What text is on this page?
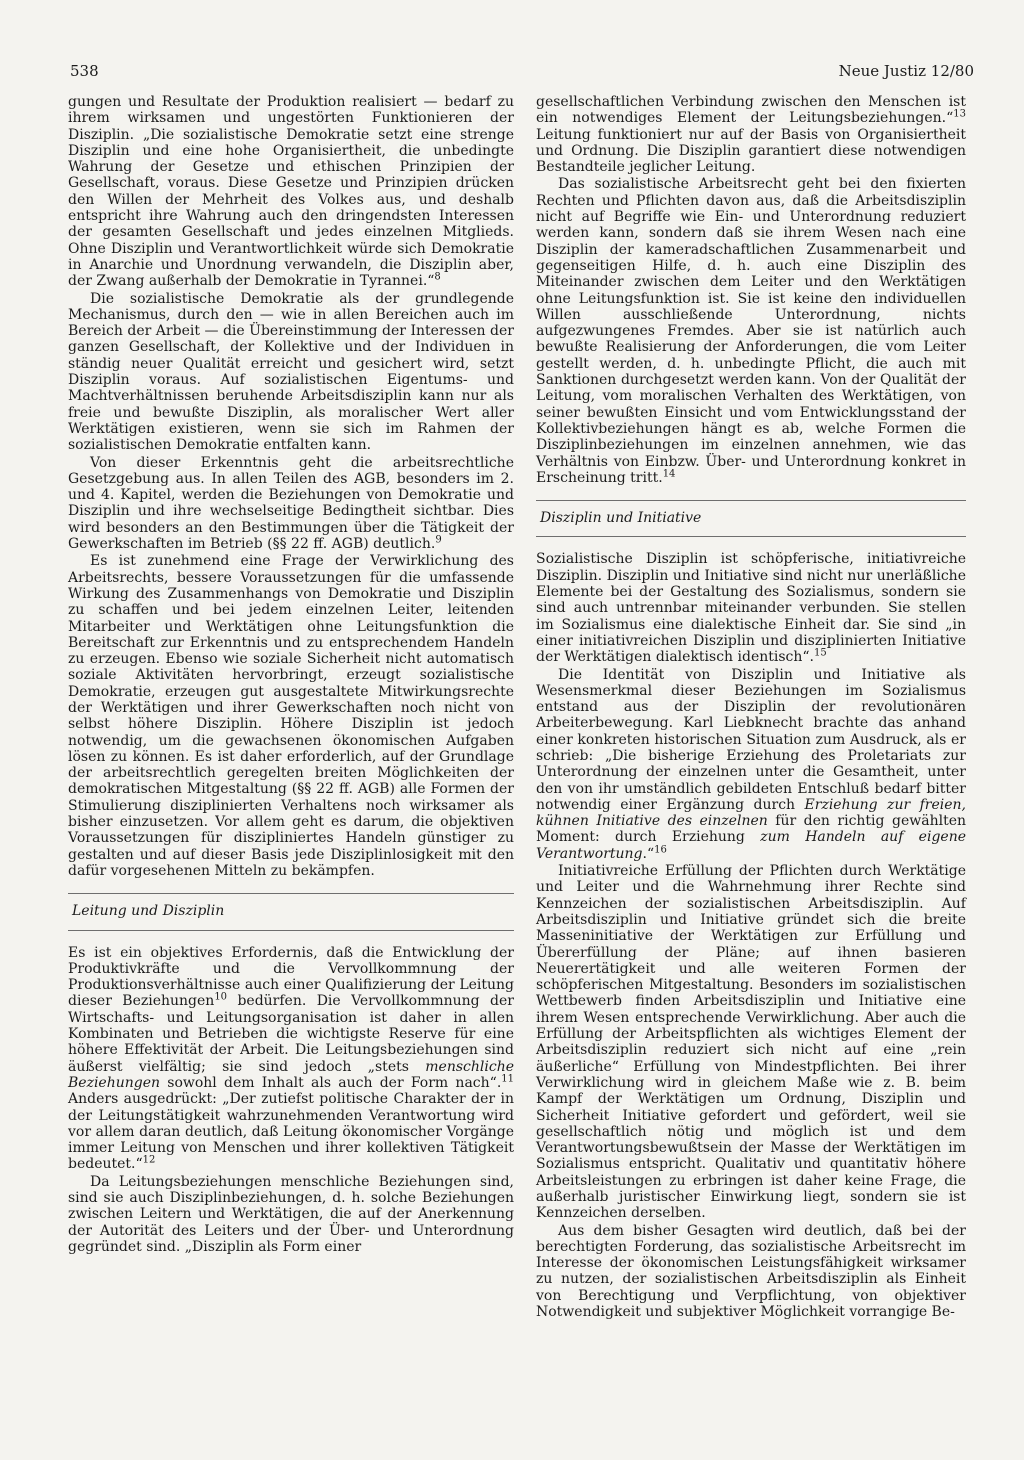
538	Neue Justiz 12/80

gungen und Resultate der Produktion realisiert — bedarf zu ihrem wirksamen und ungestörten Funktionieren der Disziplin. „Die sozialistische Demokratie setzt eine strenge Disziplin und eine hohe Organisiertheit, die unbedingte Wahrung der Gesetze und ethischen Prinzipien der Gesellschaft, voraus. Diese Gesetze und Prinzipien drücken den Willen der Mehrheit des Volkes aus, und deshalb entspricht ihre Wahrung auch den dringendsten Interessen der gesamten Gesellschaft und jedes einzelnen Mitglieds. Ohne Disziplin und Verantwortlichkeit würde sich Demokratie in Anarchie und Unordnung verwandeln, die Disziplin aber, der Zwang außerhalb der Demokratie in Tyrannei.“$^8$

Die sozialistische Demokratie als der grundlegende Mechanismus, durch den — wie in allen Bereichen auch im Bereich der Arbeit — die Übereinstimmung der Interessen der ganzen Gesellschaft, der Kollektive und der Individuen in ständig neuer Qualität erreicht und gesichert wird, setzt Disziplin voraus. Auf sozialistischen Eigentums- und Machtverhältnissen beruhende Arbeitsdisziplin kann nur als freie und bewußte Disziplin, als moralischer Wert aller Werktätigen existieren, wenn sie sich im Rahmen der sozialistischen Demokratie entfalten kann.

Von dieser Erkenntnis geht die arbeitsrechtliche Gesetzgebung aus. In allen Teilen des AGB, besonders im 2. und 4. Kapitel, werden die Beziehungen von Demokratie und Disziplin und ihre wechselseitige Bedingtheit sichtbar. Dies wird besonders an den Bestimmungen über die Tätigkeit der Gewerkschaften im Betrieb (§§ 22 ff. AGB) deutlich.$^9$

Es ist zunehmend eine Frage der Verwirklichung des Arbeitsrechts, bessere Voraussetzungen für die umfassende Wirkung des Zusammenhangs von Demokratie und Disziplin zu schaffen und bei jedem einzelnen Leiter, leitenden Mitarbeiter und Werktätigen ohne Leitungsfunktion die Bereitschaft zur Erkenntnis und zu entsprechendem Handeln zu erzeugen. Ebenso wie soziale Sicherheit nicht automatisch soziale Aktivitäten hervorbringt, erzeugt sozialistische Demokratie, erzeugen gut ausgestaltete Mitwirkungsrechte der Werktätigen und ihrer Gewerkschaften noch nicht von selbst höhere Disziplin. Höhere Disziplin ist jedoch notwendig, um die gewachsenen ökonomischen Aufgaben lösen zu können. Es ist daher erforderlich, auf der Grundlage der arbeitsrechtlich geregelten breiten Möglichkeiten der demokratischen Mitgestaltung (§§ 22 ff. AGB) alle Formen der Stimulierung disziplinierten Verhaltens noch wirksamer als bisher einzusetzen. Vor allem geht es darum, die objektiven Voraussetzungen für diszipliniertes Handeln günstiger zu gestalten und auf dieser Basis jede Disziplinlosigkeit mit den dafür vorgesehenen Mitteln zu bekämpfen.

Leitung und Disziplin

Es ist ein objektives Erfordernis, daß die Entwicklung der Produktivkräfte und die Vervollkommnung der Produktionsverhältnisse auch einer Qualifizierung der Leitung dieser Beziehungen$^{10}$ bedürfen. Die Vervollkommnung der Wirtschafts- und Leitungsorganisation ist daher in allen Kombinaten und Betrieben die wichtigste Reserve für eine höhere Effektivität der Arbeit. Die Leitungsbeziehungen sind äußerst vielfältig; sie sind jedoch „stets menschliche Beziehungen sowohl dem Inhalt als auch der Form nach“.$^{11}$ Anders ausgedrückt: „Der zutiefst politische Charakter der in der Leitungstätigkeit wahrzunehmenden Verantwortung wird vor allem daran deutlich, daß Leitung ökonomischer Vorgänge immer Leitung von Menschen und ihrer kollektiven Tätigkeit bedeutet.“$^{12}$

Da Leitungsbeziehungen menschliche Beziehungen sind, sind sie auch Disziplinbeziehungen, d. h. solche Beziehungen zwischen Leitern und Werktätigen, die auf der Anerkennung der Autorität des Leiters und der Über- und Unterordnung gegründet sind. „Disziplin als Form einer

gesellschaftlichen Verbindung zwischen den Menschen ist ein notwendiges Element der Leitungsbeziehungen.“$^{13}$ Leitung funktioniert nur auf der Basis von Organisiertheit und Ordnung. Die Disziplin garantiert diese notwendigen Bestandteile jeglicher Leitung.

Das sozialistische Arbeitsrecht geht bei den fixierten Rechten und Pflichten davon aus, daß die Arbeitsdisziplin nicht auf Begriffe wie Ein- und Unterordnung reduziert werden kann, sondern daß sie ihrem Wesen nach eine Disziplin der kameradschaftlichen Zusammenarbeit und gegenseitigen Hilfe, d. h. auch eine Disziplin des Miteinander zwischen dem Leiter und den Werktätigen ohne Leitungsfunktion ist. Sie ist keine den individuellen Willen ausschließende Unterordnung, nichts aufgezwungenes Fremdes. Aber sie ist natürlich auch bewußte Realisierung der Anforderungen, die vom Leiter gestellt werden, d. h. unbedingte Pflicht, die auch mit Sanktionen durchgesetzt werden kann. Von der Qualität der Leitung, vom moralischen Verhalten des Werktätigen, von seiner bewußten Einsicht und vom Entwicklungsstand der Kollektivbeziehungen hängt es ab, welche Formen die Disziplinbeziehungen im einzelnen annehmen, wie das Verhältnis von Einbzw. Über- und Unterordnung konkret in Erscheinung tritt.$^{14}$

Disziplin und Initiative

Sozialistische Disziplin ist schöpferische, initiativreiche Disziplin. Disziplin und Initiative sind nicht nur unerläßliche Elemente bei der Gestaltung des Sozialismus, sondern sie sind auch untrennbar miteinander verbunden. Sie stellen im Sozialismus eine dialektische Einheit dar. Sie sind „in einer initiativreichen Disziplin und disziplinierten Initiative der Werktätigen dialektisch identisch“.$^{15}$

Die Identität von Disziplin und Initiative als Wesensmerkmal dieser Beziehungen im Sozialismus entstand aus der Disziplin der revolutionären Arbeiterbewegung. Karl Liebknecht brachte das anhand einer konkreten historischen Situation zum Ausdruck, als er schrieb: „Die bisherige Erziehung des Proletariats zur Unterordnung der einzelnen unter die Gesamtheit, unter den von ihr umständlich gebildeten Entschluß bedarf bitter notwendig einer Ergänzung durch Erziehung zur freien, kühnen Initiative des einzelnen für den richtig gewählten Moment: durch Erziehung zum Handeln auf eigene Verantwortung.“$^{16}$

Initiativreiche Erfüllung der Pflichten durch Werktätige und Leiter und die Wahrnehmung ihrer Rechte sind Kennzeichen der sozialistischen Arbeitsdisziplin. Auf Arbeitsdisziplin und Initiative gründet sich die breite Masseninitiative der Werktätigen zur Erfüllung und Übererfüllung der Pläne; auf ihnen basieren Neuerertätigkeit und alle weiteren Formen der schöpferischen Mitgestaltung. Besonders im sozialistischen Wettbewerb finden Arbeitsdisziplin und Initiative eine ihrem Wesen entsprechende Verwirklichung. Aber auch die Erfüllung der Arbeitspflichten als wichtiges Element der Arbeitsdisziplin reduziert sich nicht auf eine „rein äußerliche“ Erfüllung von Mindestpflichten. Bei ihrer Verwirklichung wird in gleichem Maße wie z. B. beim Kampf der Werktätigen um Ordnung, Disziplin und Sicherheit Initiative gefordert und gefördert, weil sie gesellschaftlich nötig und möglich ist und dem Verantwortungsbewußtsein der Masse der Werktätigen im Sozialismus entspricht. Qualitativ und quantitativ höhere Arbeitsleistungen zu erbringen ist daher keine Frage, die außerhalb juristischer Einwirkung liegt, sondern sie ist Kennzeichen derselben.

Aus dem bisher Gesagten wird deutlich, daß bei der berechtigten Forderung, das sozialistische Arbeitsrecht im Interesse der ökonomischen Leistungsfähigkeit wirksamer zu nutzen, der sozialistischen Arbeitsdisziplin als Einheit von Berechtigung und Verpflichtung, von objektiver Notwendigkeit und subjektiver Möglichkeit vorrangige Be-
